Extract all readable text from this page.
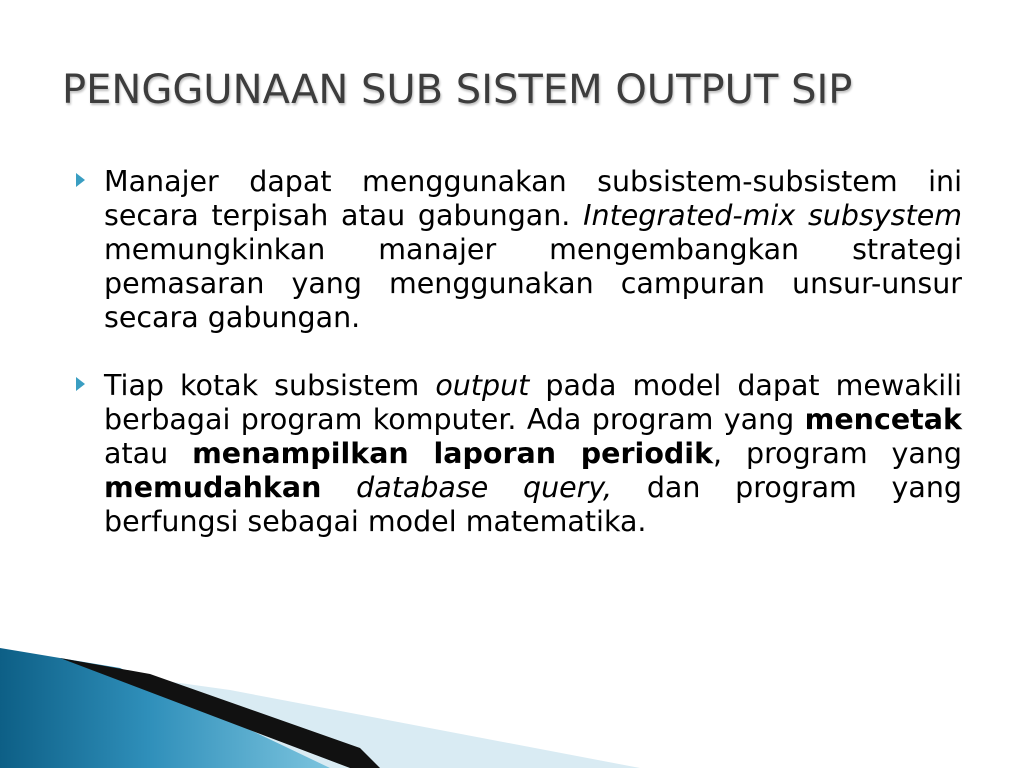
PENGGUNAAN SUB SISTEM OUTPUT SIP
Manajer dapat menggunakan subsistem-subsistem ini secara terpisah atau gabungan. Integrated-mix subsystem memungkinkan manajer mengembangkan strategi pemasaran yang menggunakan campuran unsur-unsur secara gabungan.
Tiap kotak subsistem output pada model dapat mewakili berbagai program komputer. Ada program yang mencetak atau menampilkan laporan periodik, program yang memudahkan database query, dan program yang berfungsi sebagai model matematika.
